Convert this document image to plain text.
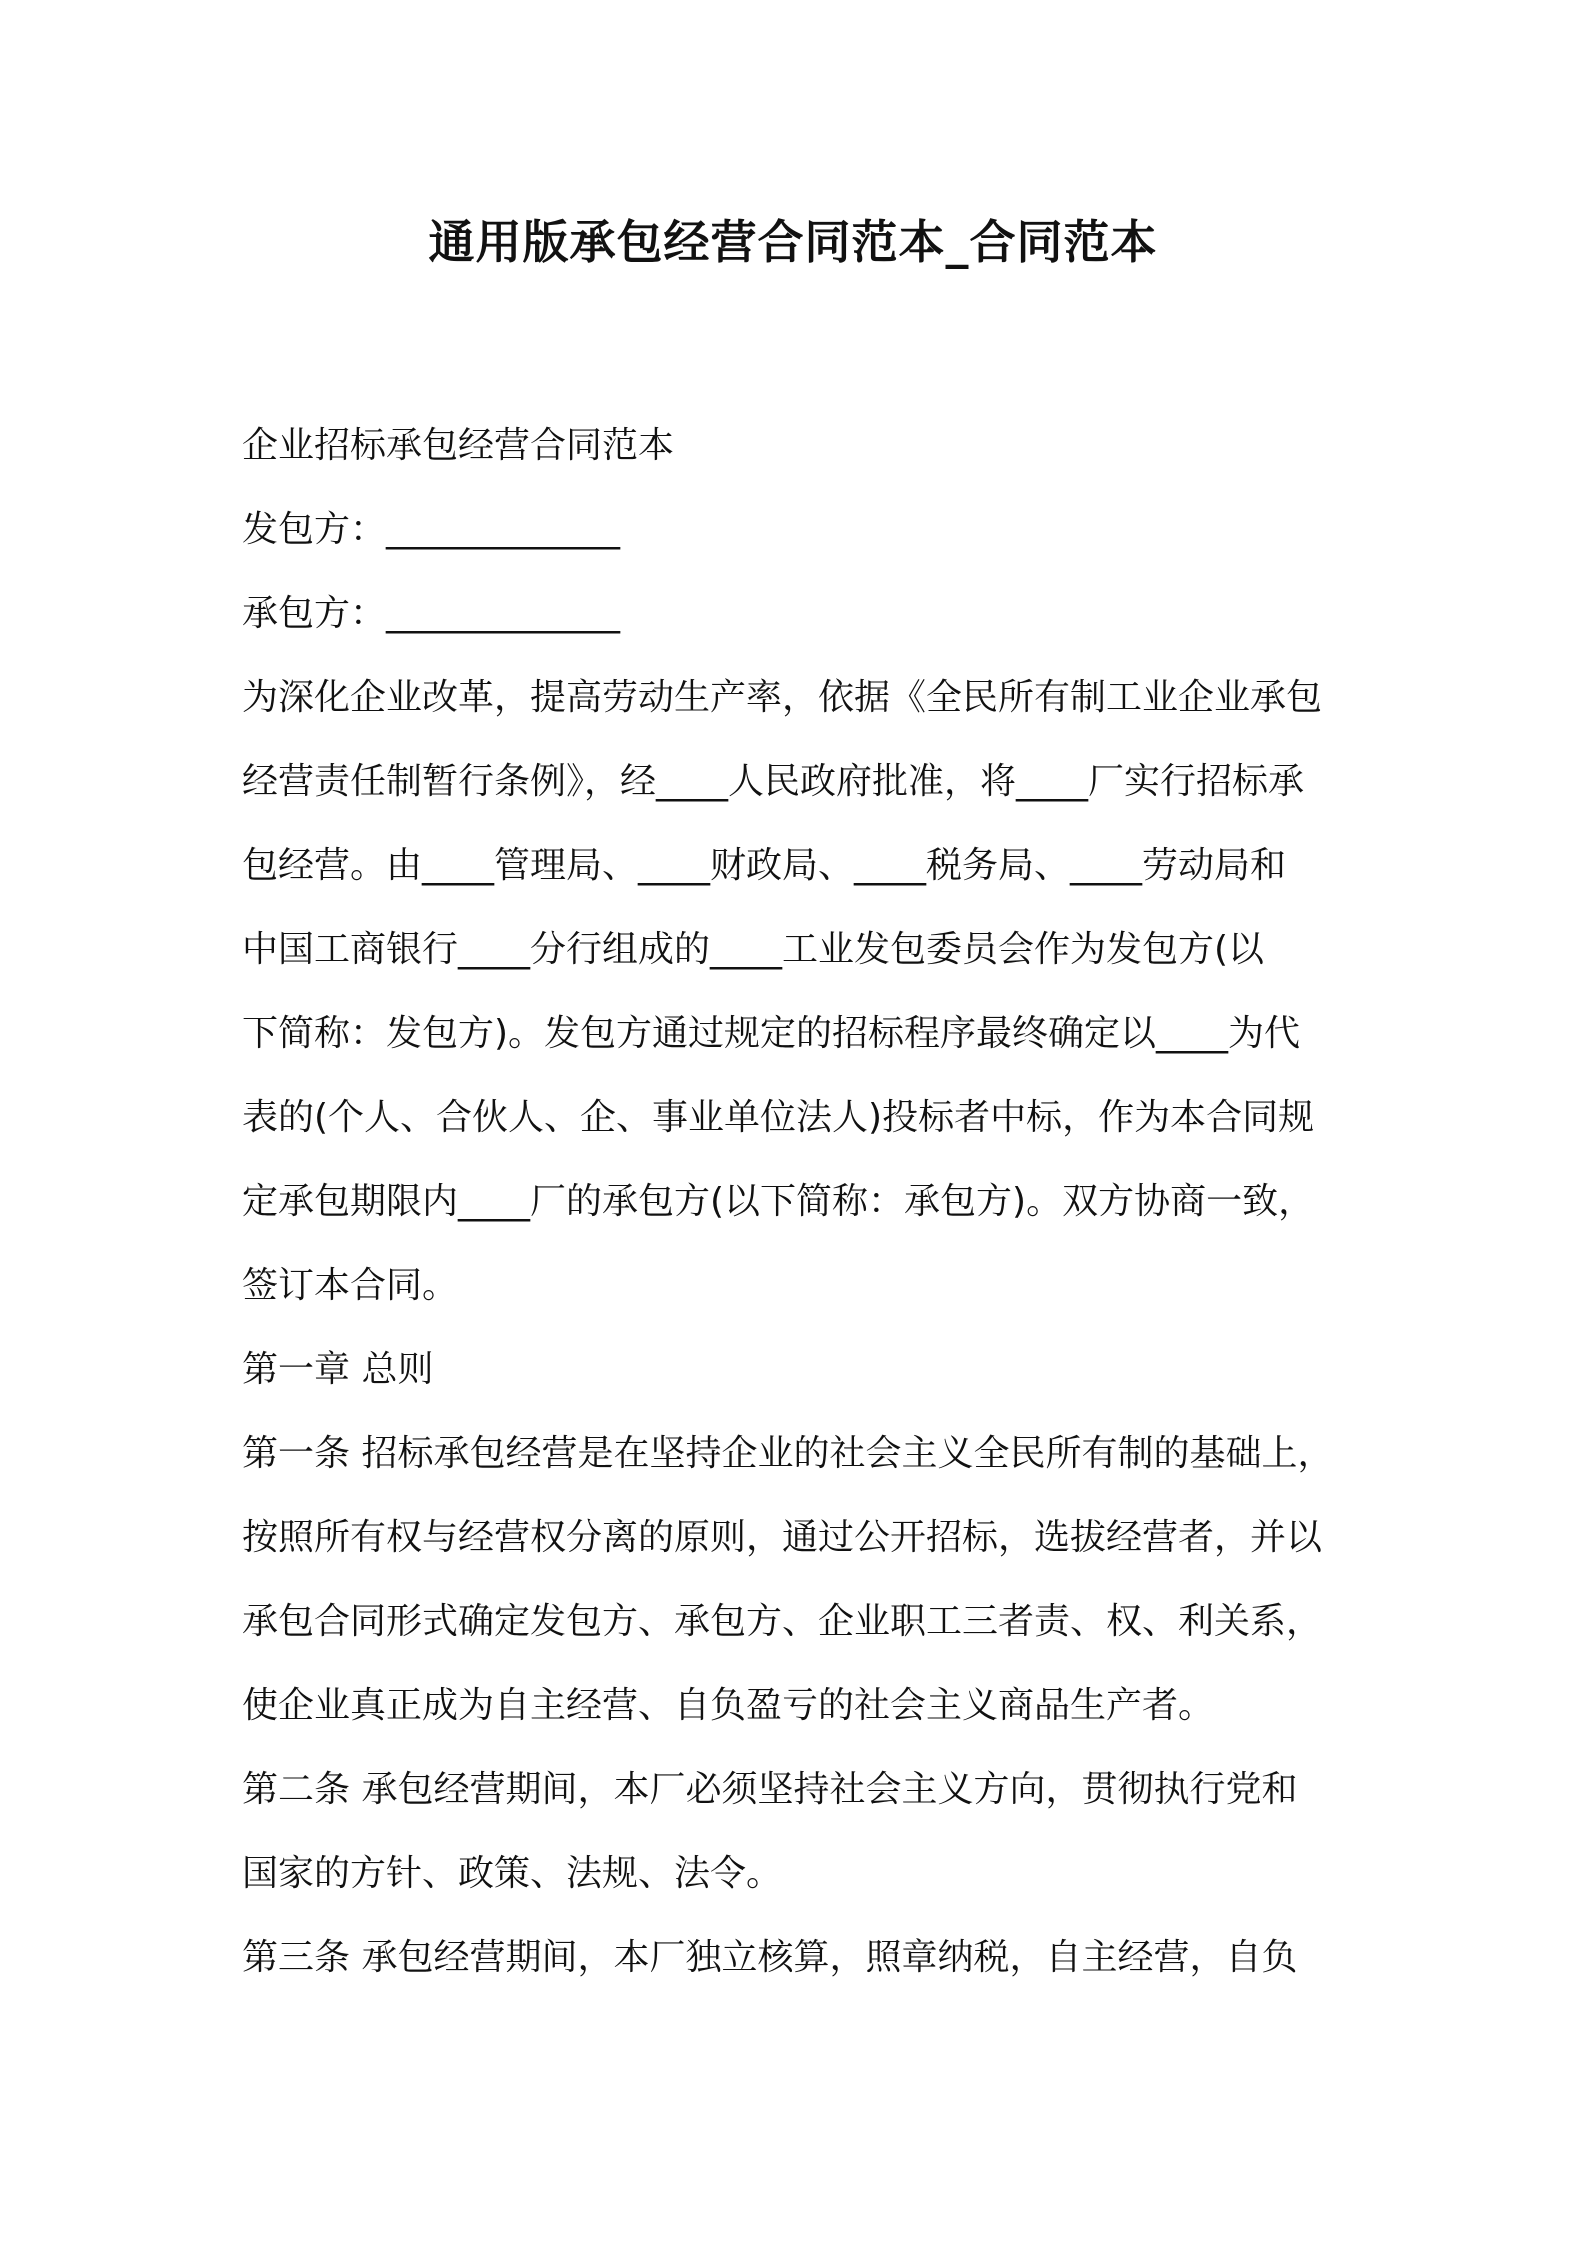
通用版承包经营合同范本_合同范本
企业招标承包经营合同范本
发包方：_____________
承包方：_____________
为深化企业改革，提高劳动生产率，依据《全民所有制工业企业承包
经营责任制暂行条例》，经____人民政府批准，将____厂实行招标承
包经营。由____管理局、____财政局、____税务局、____劳动局和
中国工商银行____分行组成的____工业发包委员会作为发包方(以
下简称：发包方)。发包方通过规定的招标程序最终确定以____为代
表的(个人、合伙人、企、事业单位法人)投标者中标，作为本合同规
定承包期限内____厂的承包方(以下简称：承包方)。双方协商一致，
签订本合同。
第一章 总则
第一条 招标承包经营是在坚持企业的社会主义全民所有制的基础上，
按照所有权与经营权分离的原则，通过公开招标，选拔经营者，并以
承包合同形式确定发包方、承包方、企业职工三者责、权、利关系，
使企业真正成为自主经营、自负盈亏的社会主义商品生产者。
第二条 承包经营期间，本厂必须坚持社会主义方向，贯彻执行党和
国家的方针、政策、法规、法令。
第三条 承包经营期间，本厂独立核算，照章纳税，自主经营，自负
